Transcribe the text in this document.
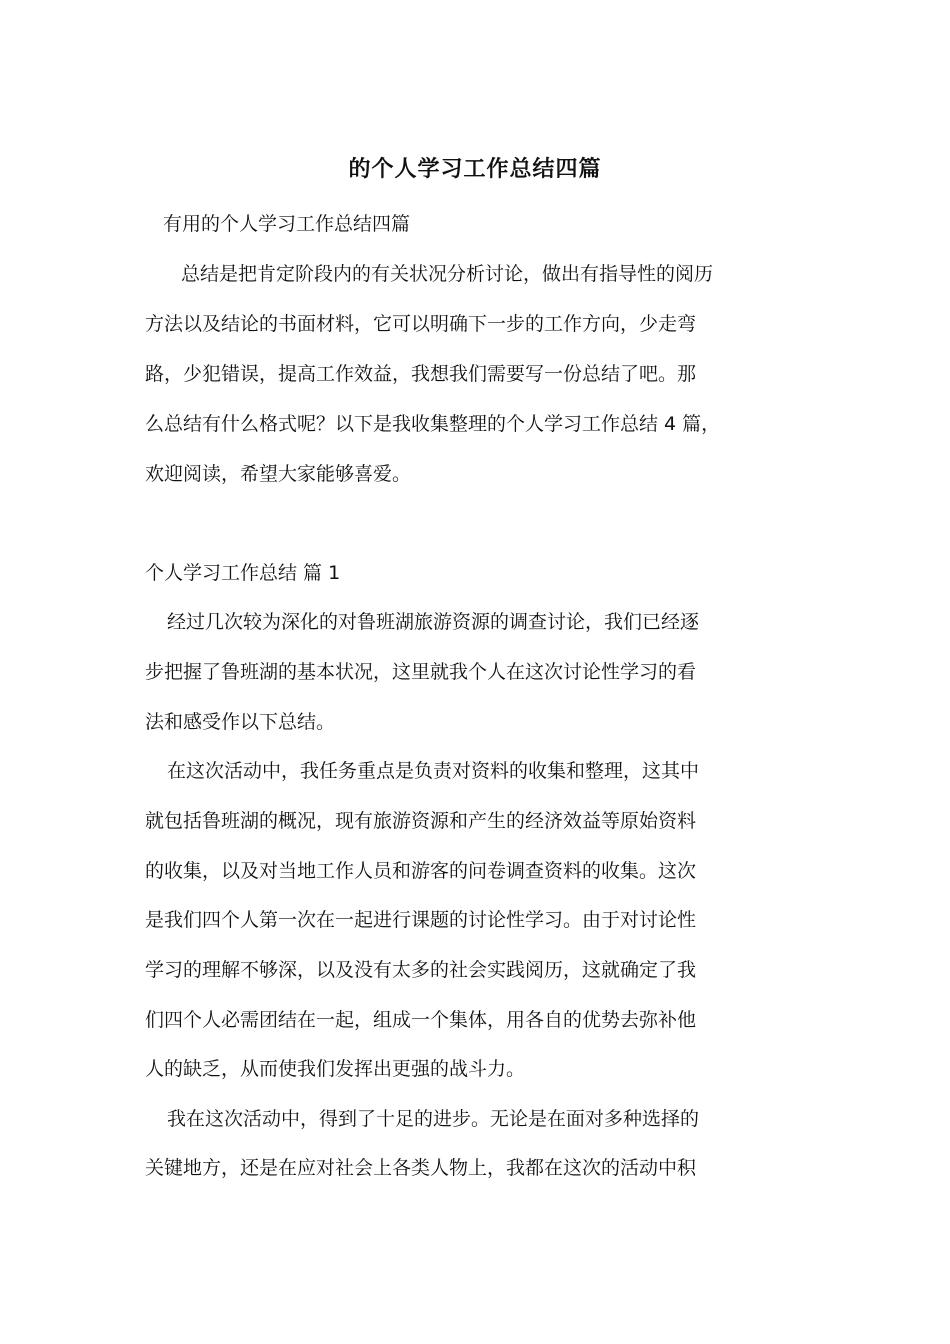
的个人学习工作总结四篇
有用的个人学习工作总结四篇
总结是把肯定阶段内的有关状况分析讨论，做出有指导性的阅历
方法以及结论的书面材料，它可以明确下一步的工作方向，少走弯
路，少犯错误，提高工作效益，我想我们需要写一份总结了吧。那
么总结有什么格式呢？以下是我收集整理的个人学习工作总结 4 篇，
欢迎阅读，希望大家能够喜爱。
个人学习工作总结 篇 1
经过几次较为深化的对鲁班湖旅游资源的调查讨论，我们已经逐
步把握了鲁班湖的基本状况，这里就我个人在这次讨论性学习的看
法和感受作以下总结。
在这次活动中，我任务重点是负责对资料的收集和整理，这其中
就包括鲁班湖的概况，现有旅游资源和产生的经济效益等原始资料
的收集，以及对当地工作人员和游客的问卷调查资料的收集。这次
是我们四个人第一次在一起进行课题的讨论性学习。由于对讨论性
学习的理解不够深，以及没有太多的社会实践阅历，这就确定了我
们四个人必需团结在一起，组成一个集体，用各自的优势去弥补他
人的缺乏，从而使我们发挥出更强的战斗力。
我在这次活动中，得到了十足的进步。无论是在面对多种选择的
关键地方，还是在应对社会上各类人物上，我都在这次的活动中积
